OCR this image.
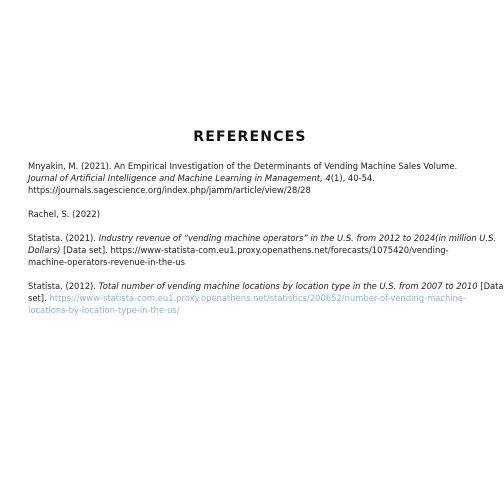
REFERENCES

Mnyakin, M. (2021). An Empirical Investigation of the Determinants of Vending Machine Sales Volume.
Journal of Artificial Intelligence and Machine Learning in Management, 4(1), 40-54.
https://journals.sagescience.org/index.php/jamm/article/view/28/28

Rachel, S. (2022)

Statista. (2021). Industry revenue of “vending machine operators” in the U.S. from 2012 to 2024(in million U.S.
Dollars) [Data set]. https://www-statista-com.eu1.proxy.openathens.net/forecasts/1075420/vending-
machine-operators-revenue-in-the-us

Statista. (2012). Total number of vending machine locations by location type in the U.S. from 2007 to 2010 [Data
set]. https://www-statista-com.eu1.proxy.openathens.net/statistics/200652/number-of-vending-machine-
locations-by-location-type-in-the-us/
